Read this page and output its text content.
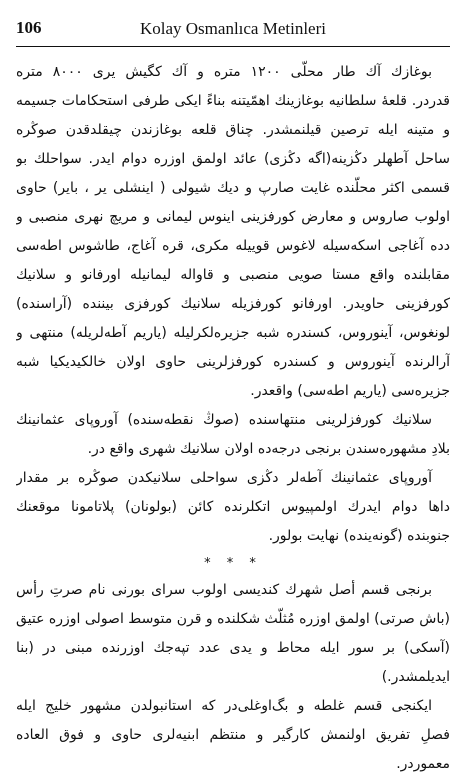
106	Kolay Osmanlıca Metinleri
بوغازك آك طار محلّى ١٢٠٠ متره و آك كگيش يرى ٨٠٠٠ متره
قدردر. قلعهٔ سلطانيه بوغازينك اهمّيتنه بناءً ايكى طرفى استحكامات جسيمه
و متينه ايله ترصين قيلنمشدر. چناق قلعه بوغازندن چيقلدقدن صوڭره
ساحل آطهلر دڭزينه(اگه دڭزى) عائد اولمق اوزره دوام ايدر. سواحلك بو
قسمى اكثر محلّنده غايت صارپ و ديك شيولى ( اينشلى ير ، باير) حاوى
اولوب صاروس و معارض كورفزينى اينوس ليمانى و مريچ نهرى منصبى و
دده آغاجى اسكه‌سيله لاغوس قوييله مكرى، قره آغاج، طاشوس اطه‌سى
مقابلنده واقع مستا صويى منصبى و قاواله ليمانيله اورفانو و سلانيك
كورفزينى حاويدر. اورفانو كورفزيله سلانيك كورفزى بيننده (آراسنده)
لونغوس، آينوروس، كسندره شبه جزيره‌لكرليله (ياريم آطه‌لريله) منتهى و
آرالرنده آينوروس و كسندره كورفزلرينى حاوى اولان خالكيديكيا شبه
جزيره‌سى (ياريم اطه‌سى) واقعدر.
سلانيك كورفزلرينى منتهاسنده (صوڭ نقطه‌سنده) آوروپاى عثمانينك
بلادِ مشهوره‌سندن برنجى درجه‌ده اولان سلانيك شهرى واقع در.
آوروپاى عثمانينك آطه‌لر دڭزى سواحلى سلانيكدن صوڭره بر مقدار
داها دوام ايدرك اولمپيوس اتكلرنده كائن (بولونان) پلاتامونا موقعنك
جنوبنده (گونه‌ينده) نهايت بولور.
* * *
برنجى قسم أصل شهرك كنديسى اولوب سراى بورنى نام صرتِ رأس
(باش صرتى) اولمق اوزره مُثلّث شكلنده و قرن متوسط اصولى اوزره عتيق
(آسكى) بر سور ايله محاط و يدى عدد تپه‌جك اوزرنده مبنى در (بنا
ايديلمشدر.)
ايكنجى قسم غلطه و بگ‌اوغلى‌در كه استانبولدن مشهور خليج ايله
فصلِ تفريق اولنمش كارگير و منتظم ابنيه‌لرى حاوى و فوق العاده
معموردر.
